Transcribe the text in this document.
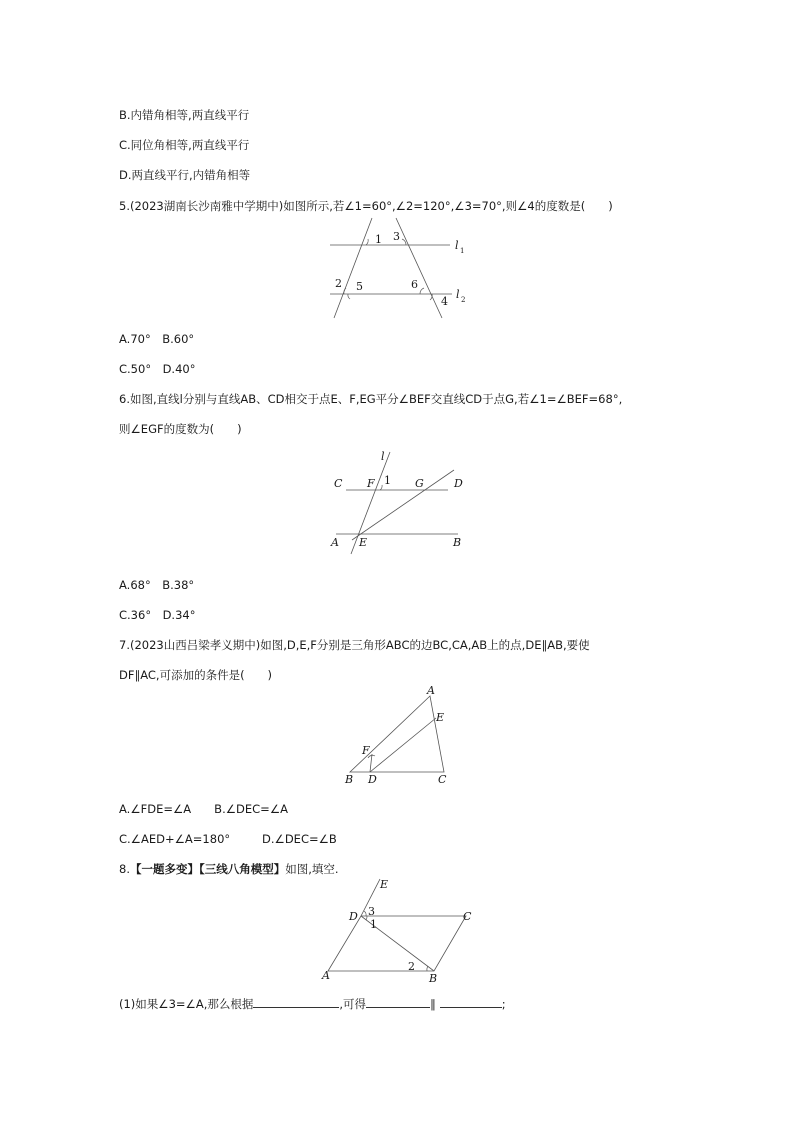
B.内错角相等,两直线平行
C.同位角相等,两直线平行
D.两直线平行,内错角相等
5.(2023湖南长沙南雅中学期中)如图所示,若∠1=60°,∠2=120°,∠3=70°,则∠4的度数是(　　)
1 3
2 5	6
4
l 1
l 2
A.70°　B.60°
C.50°　D.40°
6.如图,直线l分别与直线AB、CD相交于点E、F,EG平分∠BEF交直线CD于点G,若∠1=∠BEF=68°,
则∠EGF的度数为(　　)
l
C F 1 G	D
A E	B
A.68°　B.38°
C.36°　D.34°
7.(2023山西吕梁孝义期中)如图,D,E,F分别是三角形ABC的边BC,CA,AB上的点,DE∥AB,要使
DF∥AC,可添加的条件是(　　)
A
E
F
B D	C
A.∠FDE=∠A　　B.∠DEC=∠A
C.∠AED+∠A=180°	D.∠DEC=∠B
8.【一题多变】【三线八角模型】如图,填空.
E
D 3
1
C
2
A	B
(1)如果∠3=∠A,那么根据	,可得	∥	;
